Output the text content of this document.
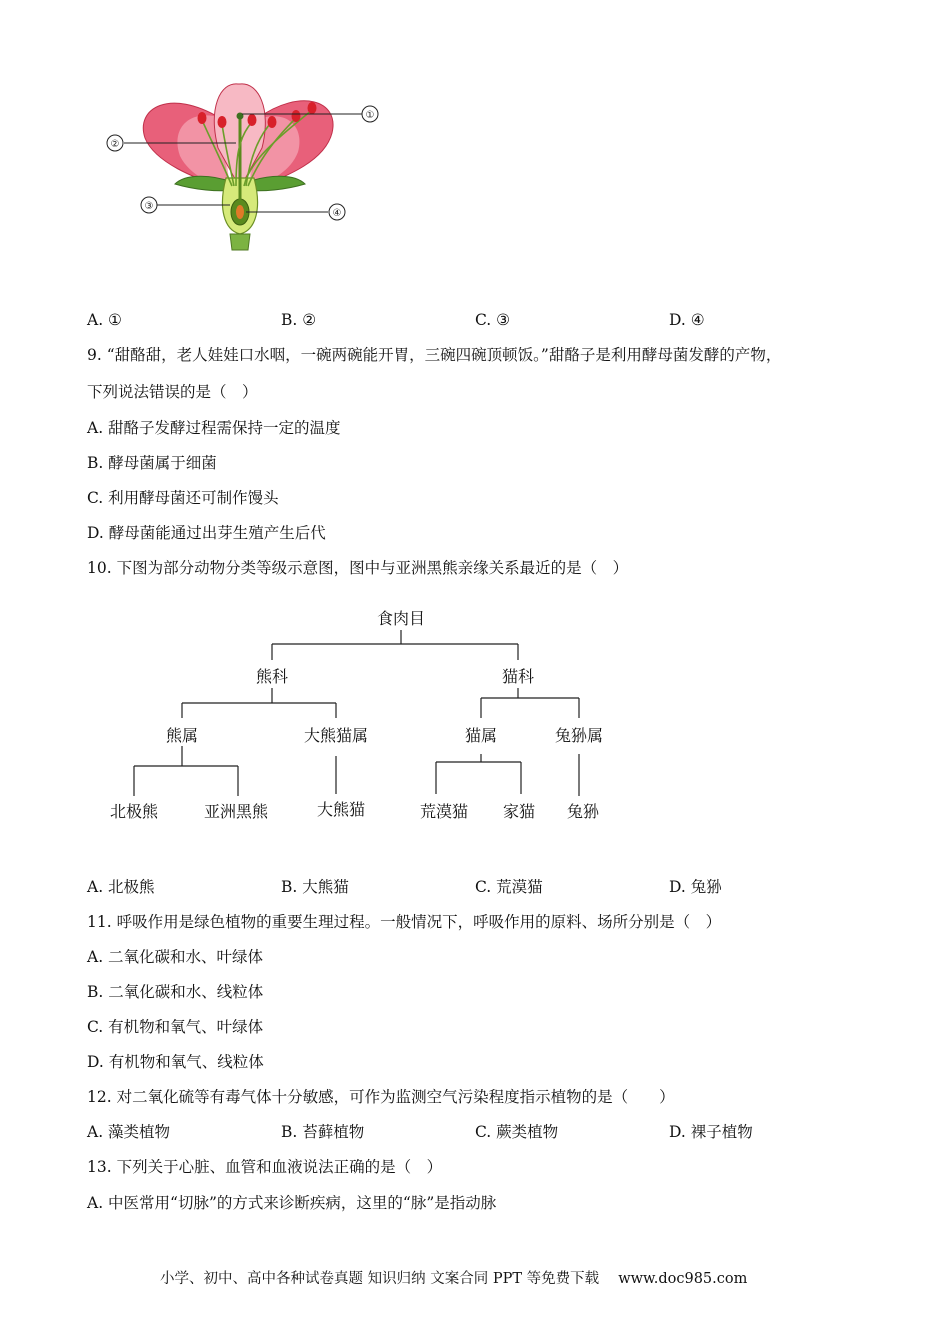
①
②
③
④
A. ①	B. ②	C. ③	D. ④
9. “甜酪甜，老人娃娃口水咽，一碗两碗能开胃，三碗四碗顶顿饭。”甜酪子是利用酵母菌发酵的产物，
下列说法错误的是（　）
A. 甜酪子发酵过程需保持一定的温度
B. 酵母菌属于细菌
C. 利用酵母菌还可制作馒头
D. 酵母菌能通过出芽生殖产生后代
10. 下图为部分动物分类等级示意图，图中与亚洲黑熊亲缘关系最近的是（　）
食肉目
熊科	猫科
熊属	大熊猫属	猫属	兔狲属
北极熊	亚洲黑熊	大熊猫	荒漠猫 家猫 兔狲
A. 北极熊	B. 大熊猫	C. 荒漠猫	D. 兔狲
11. 呼吸作用是绿色植物的重要生理过程。一般情况下，呼吸作用的原料、场所分别是（　）
A. 二氧化碳和水、叶绿体
B. 二氧化碳和水、线粒体
C. 有机物和氧气、叶绿体
D. 有机物和氧气、线粒体
12. 对二氧化硫等有毒气体十分敏感，可作为监测空气污染程度指示植物的是（　　）
A. 藻类植物	B. 苔藓植物	C. 蕨类植物	D. 裸子植物
13. 下列关于心脏、血管和血液说法正确的是（　）
A. 中医常用“切脉”的方式来诊断疾病，这里的“脉”是指动脉
小学、初中、高中各种试卷真题 知识归纳 文案合同 PPT 等免费下载　 www.doc985.com
